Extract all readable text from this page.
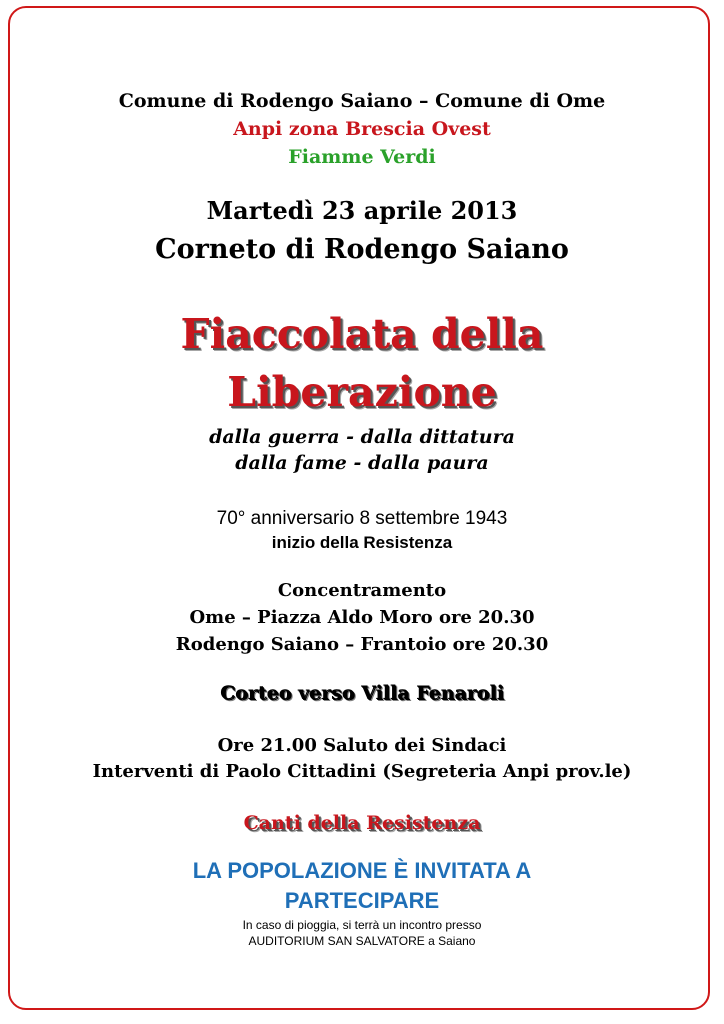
Comune di Rodengo Saiano – Comune di Ome
Anpi zona Brescia Ovest
Fiamme Verdi
Martedì 23 aprile 2013
Corneto di Rodengo Saiano
Fiaccolata della
Liberazione
dalla guerra - dalla dittatura
dalla fame - dalla paura
70° anniversario 8 settembre 1943
inizio della Resistenza
Concentramento
Ome – Piazza Aldo Moro ore 20.30
Rodengo Saiano – Frantoio ore 20.30
Corteo verso Villa Fenaroli
Ore 21.00 Saluto dei Sindaci
Interventi di Paolo Cittadini (Segreteria Anpi prov.le)
Canti della Resistenza
LA POPOLAZIONE È INVITATA A
PARTECIPARE
In caso di pioggia, si terrà un incontro presso
AUDITORIUM SAN SALVATORE a Saiano
